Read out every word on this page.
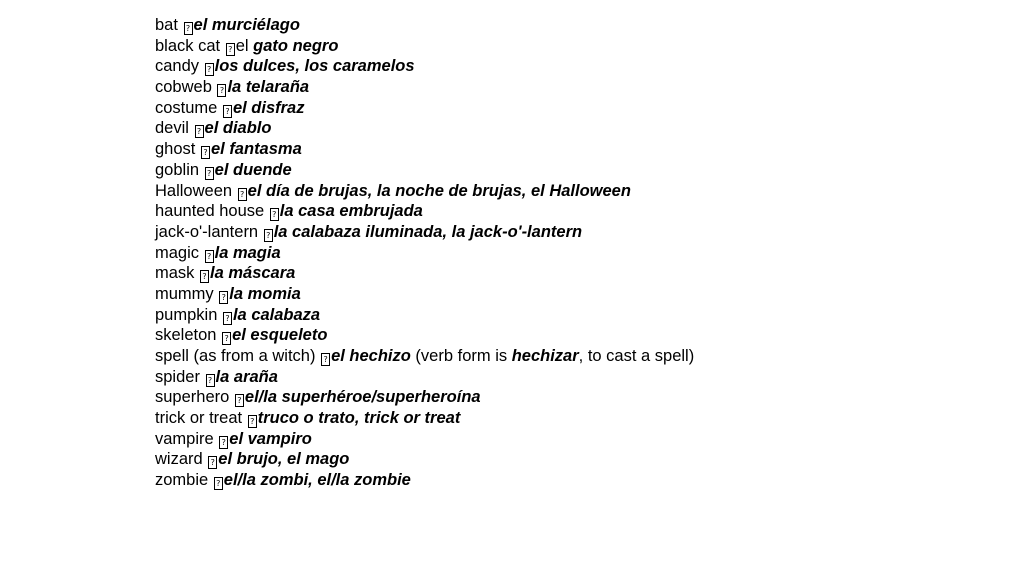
bat ? el murciélago
black cat ? el gato negro
candy ? los dulces, los caramelos
cobweb ? la telaraña
costume ? el disfraz
devil ? el diablo
ghost ? el fantasma
goblin ? el duende
Halloween ? el día de brujas, la noche de brujas, el Halloween
haunted house ? la casa embrujada
jack-o'-lantern ? la calabaza iluminada, la jack-o'-lantern
magic ? la magia
mask ? la máscara
mummy ? la momia
pumpkin ? la calabaza
skeleton ? el esqueleto
spell (as from a witch) ? el hechizo (verb form is hechizar, to cast a spell)
spider ? la araña
superhero ? el/la superhéroe/superheroína
trick or treat ? truco o trato, trick or treat
vampire ? el vampiro
wizard ? el brujo, el mago
zombie ? el/la zombi, el/la zombie
